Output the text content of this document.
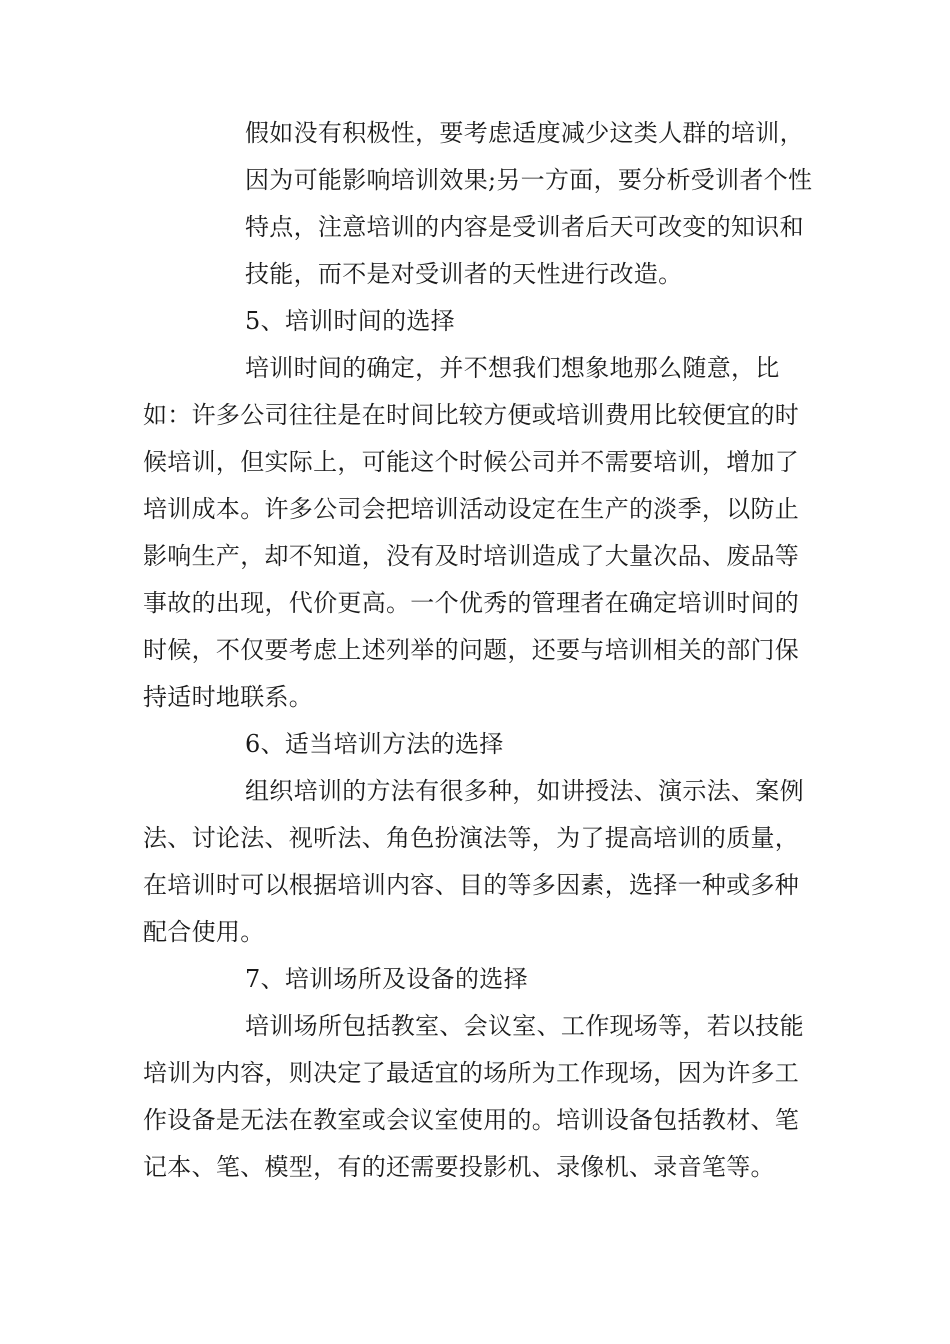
假如没有积极性，要考虑适度减少这类人群的培训，
因为可能影响培训效果;另一方面，要分析受训者个性
特点，注意培训的内容是受训者后天可改变的知识和
技能，而不是对受训者的天性进行改造。
5、培训时间的选择
培训时间的确定，并不想我们想象地那么随意，比
如：许多公司往往是在时间比较方便或培训费用比较便宜的时
候培训，但实际上，可能这个时候公司并不需要培训，增加了
培训成本。许多公司会把培训活动设定在生产的淡季，以防止
影响生产，却不知道，没有及时培训造成了大量次品、废品等
事故的出现，代价更高。一个优秀的管理者在确定培训时间的
时候，不仅要考虑上述列举的问题，还要与培训相关的部门保
持适时地联系。
6、适当培训方法的选择
组织培训的方法有很多种，如讲授法、演示法、案例
法、讨论法、视听法、角色扮演法等，为了提高培训的质量，
在培训时可以根据培训内容、目的等多因素，选择一种或多种
配合使用。
7、培训场所及设备的选择
培训场所包括教室、会议室、工作现场等，若以技能
培训为内容，则决定了最适宜的场所为工作现场，因为许多工
作设备是无法在教室或会议室使用的。培训设备包括教材、笔
记本、笔、模型，有的还需要投影机、录像机、录音笔等。
